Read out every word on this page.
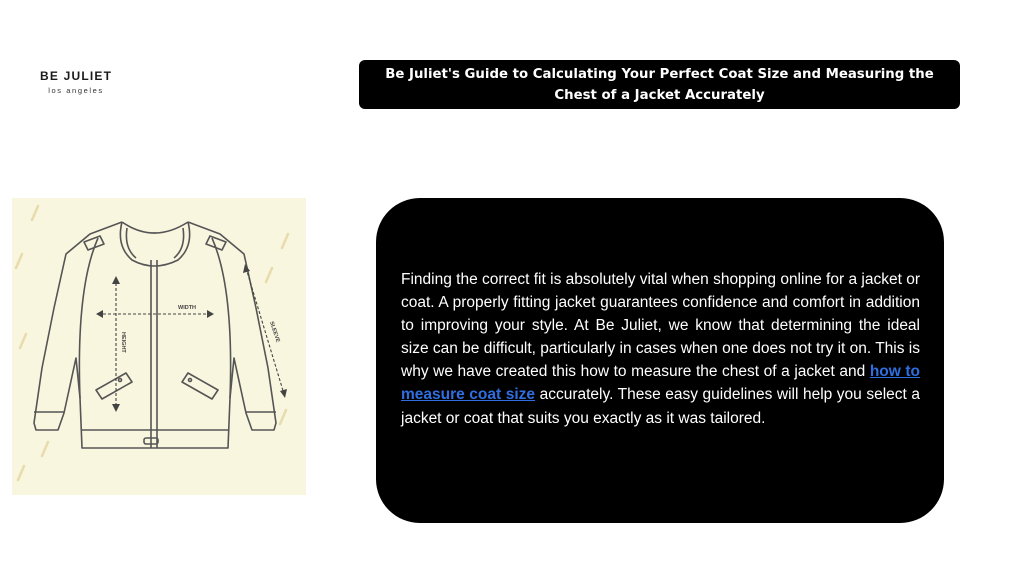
BE JULIET
los angeles
Be Juliet's Guide to Calculating Your Perfect Coat Size and Measuring the Chest of a Jacket Accurately
WIDTH
HEIGHT	SLEEVE

Finding the correct fit is absolutely vital when shopping online for a jacket or coat. A properly fitting jacket guarantees confidence and comfort in addition to improving your style. At Be Juliet, we know that determining the ideal size can be difficult, particularly in cases when one does not try it on. This is why we have created this how to measure the chest of a jacket and how to measure coat size accurately. These easy guidelines will help you select a jacket or coat that suits you exactly as it was tailored.
